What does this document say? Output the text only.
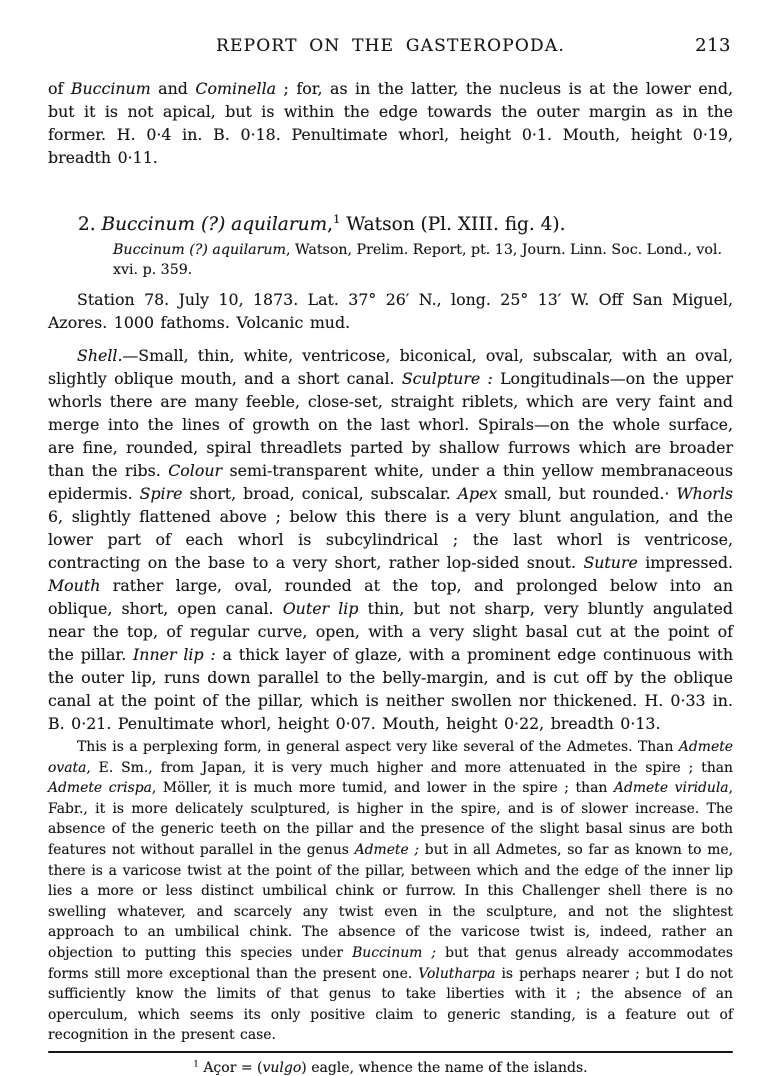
REPORT ON THE GASTEROPODA.	213

of Buccinum and Cominella ; for, as in the latter, the nucleus is at the lower end, but it is not apical, but is within the edge towards the outer margin as in the former. H. 0·4 in. B. 0·18. Penultimate whorl, height 0·1. Mouth, height 0·19, breadth 0·11.

2. Buccinum (?) aquilarum,$^1$ Watson (Pl. XIII. fig. 4).

Buccinum (?) aquilarum, Watson, Prelim. Report, pt. 13, Journ. Linn. Soc. Lond., vol. xvi. p. 359.

Station 78. July 10, 1873. Lat. 37° 26′ N., long. 25° 13′ W. Off San Miguel, Azores. 1000 fathoms. Volcanic mud.

Shell.—Small, thin, white, ventricose, biconical, oval, subscalar, with an oval, slightly oblique mouth, and a short canal. Sculpture : Longitudinals—on the upper whorls there are many feeble, close-set, straight riblets, which are very faint and merge into the lines of growth on the last whorl. Spirals—on the whole surface, are fine, rounded, spiral threadlets parted by shallow furrows which are broader than the ribs. Colour semi-transparent white, under a thin yellow membranaceous epidermis. Spire short, broad, conical, subscalar. Apex small, but rounded.· Whorls 6, slightly flattened above ; below this there is a very blunt angulation, and the lower part of each whorl is subcylindrical ; the last whorl is ventricose, contracting on the base to a very short, rather lop-sided snout. Suture impressed. Mouth rather large, oval, rounded at the top, and prolonged below into an oblique, short, open canal. Outer lip thin, but not sharp, very bluntly angulated near the top, of regular curve, open, with a very slight basal cut at the point of the pillar. Inner lip : a thick layer of glaze, with a prominent edge continuous with the outer lip, runs down parallel to the belly-margin, and is cut off by the oblique canal at the point of the pillar, which is neither swollen nor thickened. H. 0·33 in. B. 0·21. Penultimate whorl, height 0·07. Mouth, height 0·22, breadth 0·13.

This is a perplexing form, in general aspect very like several of the Admetes. Than Admete ovata, E. Sm., from Japan, it is very much higher and more attenuated in the spire ; than Admete crispa, Möller, it is much more tumid, and lower in the spire ; than Admete viridula, Fabr., it is more delicately sculptured, is higher in the spire, and is of slower increase. The absence of the generic teeth on the pillar and the presence of the slight basal sinus are both features not without parallel in the genus Admete ; but in all Admetes, so far as known to me, there is a varicose twist at the point of the pillar, between which and the edge of the inner lip lies a more or less distinct umbilical chink or furrow. In this Challenger shell there is no swelling whatever, and scarcely any twist even in the sculpture, and not the slightest approach to an umbilical chink. The absence of the varicose twist is, indeed, rather an objection to putting this species under Buccinum ; but that genus already accommodates forms still more exceptional than the present one. Volutharpa is perhaps nearer ; but I do not sufficiently know the limits of that genus to take liberties with it ; the absence of an operculum, which seems its only positive claim to generic standing, is a feature out of recognition in the present case.

$^1$ Açor = (vulgo) eagle, whence the name of the islands.
